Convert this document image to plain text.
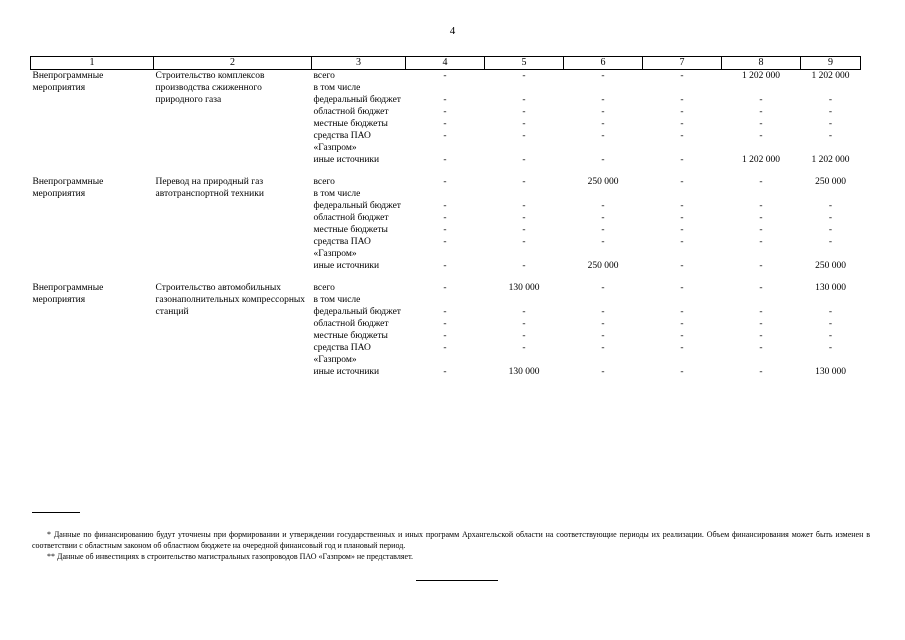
4
1	2	3	4	5	6	7	8	9
Внепрограммные мероприятия	Строительство комплексов производства сжиженного природного газа	всего	-	-	-	-	1 202 000	1 202 000
		в том числе						
		федеральный бюджет	-	-	-	-	-	-
		областной бюджет	-	-	-	-	-	-
		местные бюджеты	-	-	-	-	-	-
		средства ПАО «Газпром»	-	-	-	-	-	-
		иные источники	-	-	-	-	1 202 000	1 202 000

Внепрограммные мероприятия	Перевод на природный газ автотранспортной техники	всего	-	-	250 000	-	-	250 000
		в том числе						
		федеральный бюджет	-	-	-	-	-	-
		областной бюджет	-	-	-	-	-	-
		местные бюджеты	-	-	-	-	-	-
		средства ПАО «Газпром»	-	-	-	-	-	-
		иные источники	-	-	250 000	-	-	250 000

Внепрограммные мероприятия	Строительство автомобильных газонаполнительных компрессорных станций	всего	-	130 000	-	-	-	130 000
		в том числе						
		федеральный бюджет	-	-	-	-	-	-
		областной бюджет	-	-	-	-	-	-
		местные бюджеты	-	-	-	-	-	-
		средства ПАО «Газпром»	-	-	-	-	-	-
		иные источники	-	130 000	-	-	-	130 000

* Данные по финансированию будут уточнены при формировании и утверждении государственных и иных программ Архангельской области на соответствующие периоды их реализации. Объем финансирования может быть изменен в соответствии с областным законом об областном бюджете на очередной финансовый год и плановый период.

** Данные об инвестициях в строительство магистральных газопроводов ПАО «Газпром» не представляет.
